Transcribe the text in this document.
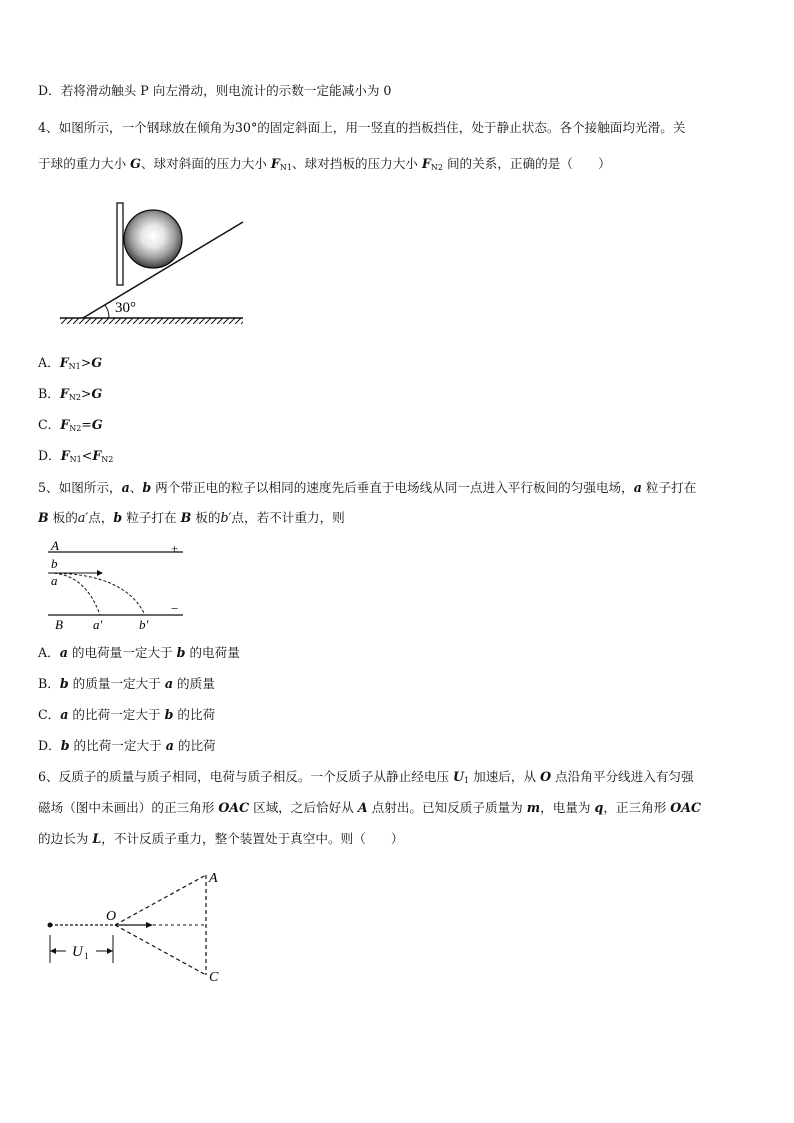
D．若将滑动触头 P 向左滑动，则电流计的示数一定能减小为 0
4、如图所示，一个钢球放在倾角为30°的固定斜面上，用一竖直的挡板挡住，处于静止状态。各个接触面均光滑。关
于球的重力大小 G、球对斜面的压力大小 $F_{N1}$、球对挡板的压力大小 $F_{N2}$ 间的关系，正确的是（　　）
30°
A．$F_{N1}>G$
B．$F_{N2}>G$
C．$F_{N2}=G$
D．$F_{N1}<F_{N2}$
5、如图所示，a、b 两个带正电的粒子以相同的速度先后垂直于电场线从同一点进入平行板间的匀强电场，a 粒子打在
B 板的a′点，b 粒子打在 B 板的b′点，若不计重力，则
A	+
b
a
−
B a′	b′
A．a 的电荷量一定大于 b 的电荷量
B．b 的质量一定大于 a 的质量
C．a 的比荷一定大于 b 的比荷
D．b 的比荷一定大于 a 的比荷
6、反质子的质量与质子相同，电荷与质子相反。一个反质子从静止经电压 $U_1$ 加速后，从 O 点沿角平分线进入有匀强
磁场（图中未画出）的正三角形 OAC 区域，之后恰好从 A 点射出。已知反质子质量为 m，电量为 q，正三角形 OAC
的边长为 L，不计反质子重力，整个装置处于真空中。则（　　）
A
O
C
U 1
